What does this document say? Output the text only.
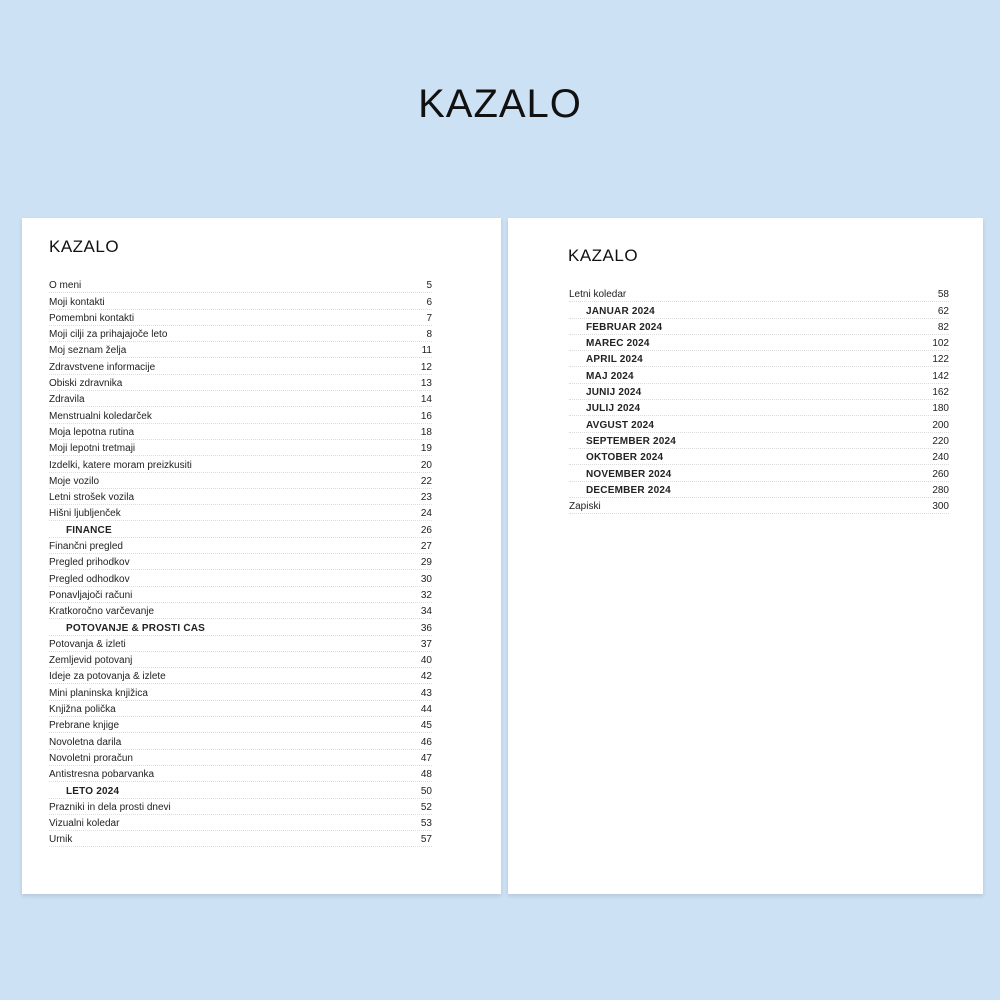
KAZALO
KAZALO
O meni	5
Moji kontakti	6
Pomembni kontakti	7
Moji cilji za prihajajoče leto	8
Moj seznam želja	11
Zdravstvene informacije	12
Obiski zdravnika	13
Zdravila	14
Menstrualni koledarček	16
Moja lepotna rutina	18
Moji lepotni tretmaji	19
Izdelki, katere moram preizkusiti	20
Moje vozilo	22
Letni strošek vozila	23
Hišni ljubljenček	24
FINANCE	26
Finančni pregled	27
Pregled prihodkov	29
Pregled odhodkov	30
Ponavljajoči računi	32
Kratkoročno varčevanje	34
POTOVANJE & PROSTI ČAS	36
Potovanja & izleti	37
Zemljevid potovanj	40
Ideje za potovanja & izlete	42
Mini planinska knjižica	43
Knjižna polička	44
Prebrane knjige	45
Novoletna darila	46
Novoletni proračun	47
Antistresna pobarvanka	48
LETO 2024	50
Prazniki in dela prosti dnevi	52
Vizualni koledar	53
Urnik	57
KAZALO
Letni koledar	58
JANUAR 2024	62
FEBRUAR 2024	82
MAREC 2024	102
APRIL 2024	122
MAJ 2024	142
JUNIJ 2024	162
JULIJ 2024	180
AVGUST 2024	200
SEPTEMBER 2024	220
OKTOBER 2024	240
NOVEMBER 2024	260
DECEMBER 2024	280
Zapiski	300
